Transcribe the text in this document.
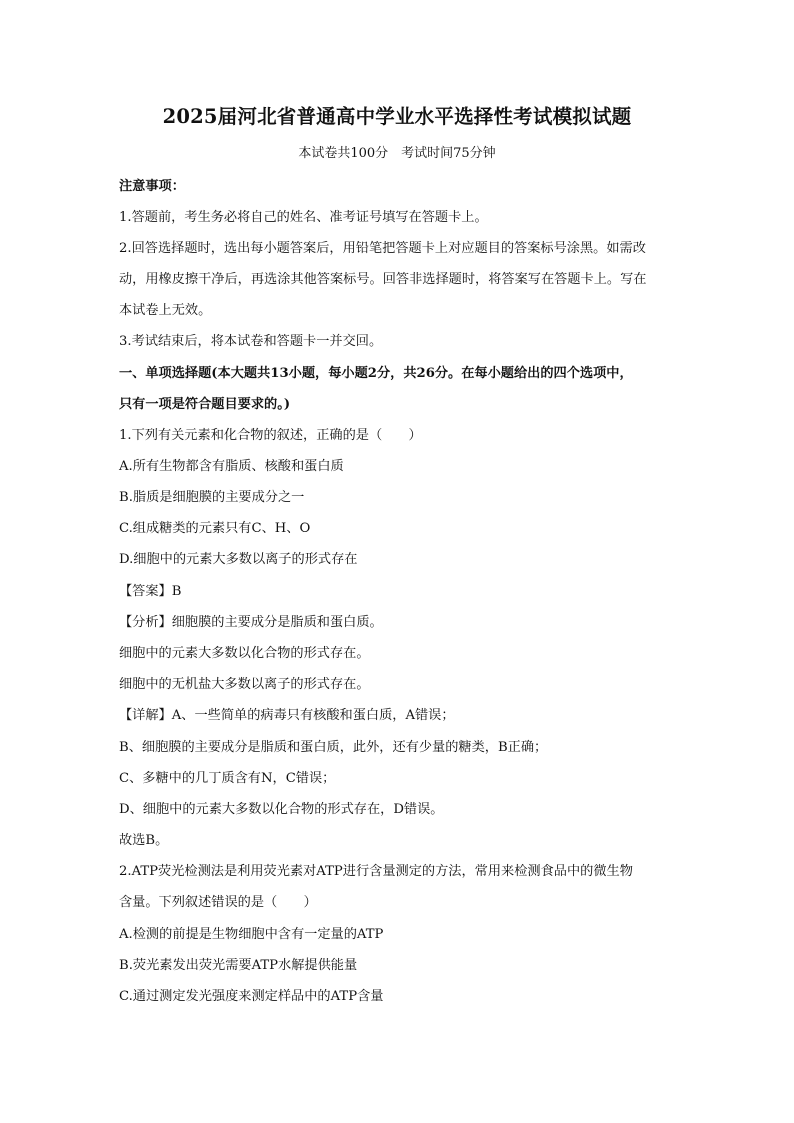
2025届河北省普通高中学业水平选择性考试模拟试题
本试卷共100分　考试时间75分钟
注意事项：
1.答题前，考生务必将自己的姓名、准考证号填写在答题卡上。
2.回答选择题时，选出每小题答案后，用铅笔把答题卡上对应题目的答案标号涂黑。如需改
动，用橡皮擦干净后，再选涂其他答案标号。回答非选择题时，将答案写在答题卡上。写在
本试卷上无效。
3.考试结束后，将本试卷和答题卡一并交回。
一、单项选择题(本大题共13小题，每小题2分，共26分。在每小题给出的四个选项中，
只有一项是符合题目要求的。)
1.下列有关元素和化合物的叙述，正确的是（　　）
A.所有生物都含有脂质、核酸和蛋白质
B.脂质是细胞膜的主要成分之一
C.组成糖类的元素只有C、H、O
D.细胞中的元素大多数以离子的形式存在
【答案】B
【分析】细胞膜的主要成分是脂质和蛋白质。
细胞中的元素大多数以化合物的形式存在。
细胞中的无机盐大多数以离子的形式存在。
【详解】A、一些简单的病毒只有核酸和蛋白质，A错误；
B、细胞膜的主要成分是脂质和蛋白质，此外，还有少量的糖类，B正确；
C、多糖中的几丁质含有N，C错误；
D、细胞中的元素大多数以化合物的形式存在，D错误。
故选B。
2.ATP荧光检测法是利用荧光素对ATP进行含量测定的方法，常用来检测食品中的微生物
含量。下列叙述错误的是（　　）
A.检测的前提是生物细胞中含有一定量的ATP
B.荧光素发出荧光需要ATP水解提供能量
C.通过测定发光强度来测定样品中的ATP含量
